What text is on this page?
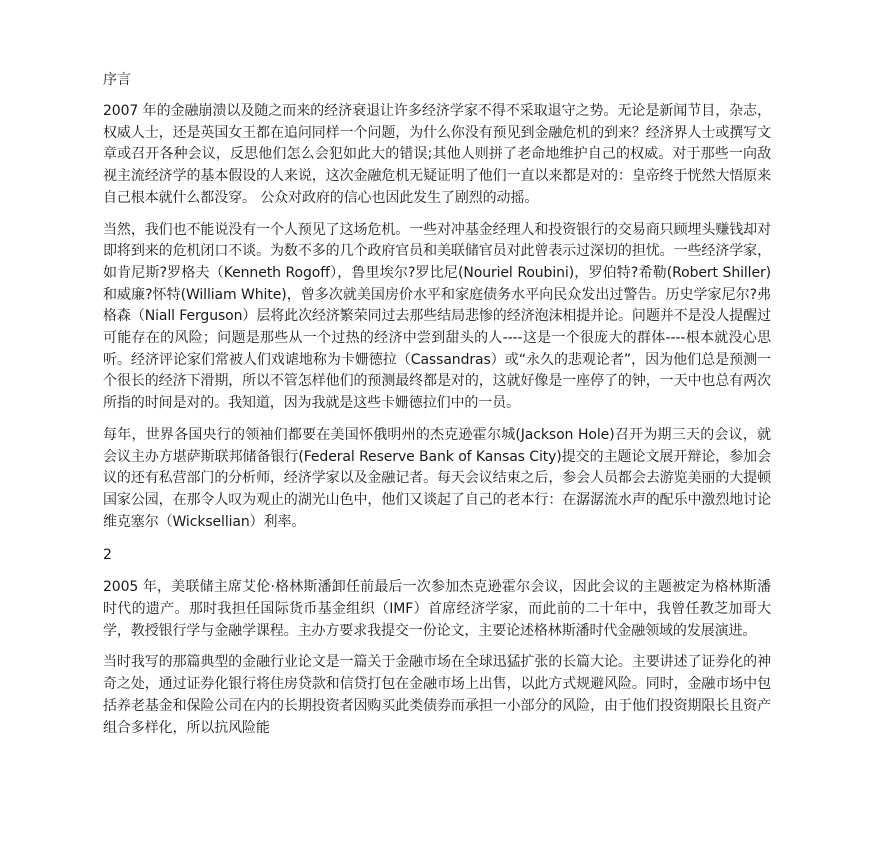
序言

2007 年的金融崩溃以及随之而来的经济衰退让许多经济学家不得不采取退守之势。无论是新闻节目，杂志，权威人士，还是英国女王都在追问同样一个问题，为什么你没有预见到金融危机的到来？经济界人士或撰写文章或召开各种会议，反思他们怎么会犯如此大的错误;其他人则拼了老命地维护自己的权威。对于那些一向敌视主流经济学的基本假设的人来说，这次金融危机无疑证明了他们一直以来都是对的：皇帝终于恍然大悟原来自己根本就什么都没穿。 公众对政府的信心也因此发生了剧烈的动摇。

当然，我们也不能说没有一个人预见了这场危机。一些对冲基金经理人和投资银行的交易商只顾埋头赚钱却对即将到来的危机闭口不谈。为数不多的几个政府官员和美联储官员对此曾表示过深切的担忧。一些经济学家，如肯尼斯?罗格夫（Kenneth Rogoff），鲁里埃尔?罗比尼(Nouriel Roubini)，罗伯特?希勒(Robert Shiller)和威廉?怀特(William White)，曾多次就美国房价水平和家庭债务水平向民众发出过警告。历史学家尼尔?弗格森（Niall Ferguson）层将此次经济繁荣同过去那些结局悲惨的经济泡沫相提并论。问题并不是没人提醒过可能存在的风险；问题是那些从一个过热的经济中尝到甜头的人----这是一个很庞大的群体----根本就没心思听。经济评论家们常被人们戏谑地称为卡姗德拉（Cassandras）或“永久的悲观论者”，因为他们总是预测一个很长的经济下滑期，所以不管怎样他们的预测最终都是对的，这就好像是一座停了的钟，一天中也总有两次所指的时间是对的。我知道，因为我就是这些卡姗德拉们中的一员。

每年，世界各国央行的领袖们都要在美国怀俄明州的杰克逊霍尔城(Jackson Hole)召开为期三天的会议，就会议主办方堪萨斯联邦储备银行(Federal Reserve Bank of Kansas City)提交的主题论文展开辩论，参加会议的还有私营部门的分析师，经济学家以及金融记者。每天会议结束之后，参会人员都会去游览美丽的大提顿国家公园，在那令人叹为观止的湖光山色中，他们又谈起了自己的老本行：在潺潺流水声的配乐中激烈地讨论维克塞尔（Wicksellian）利率。

2

2005 年，美联储主席艾伦·格林斯潘卸任前最后一次参加杰克逊霍尔会议，因此会议的主题被定为格林斯潘时代的遗产。那时我担任国际货币基金组织（IMF）首席经济学家，而此前的二十年中，我曾任教芝加哥大学，教授银行学与金融学课程。主办方要求我提交一份论文，主要论述格林斯潘时代金融领域的发展演进。

当时我写的那篇典型的金融行业论文是一篇关于金融市场在全球迅猛扩张的长篇大论。主要讲述了证券化的神奇之处，通过证券化银行将住房贷款和信贷打包在金融市场上出售，以此方式规避风险。同时，金融市场中包括养老基金和保险公司在内的长期投资者因购买此类债券而承担一小部分的风险，由于他们投资期限长且资产组合多样化，所以抗风险能
